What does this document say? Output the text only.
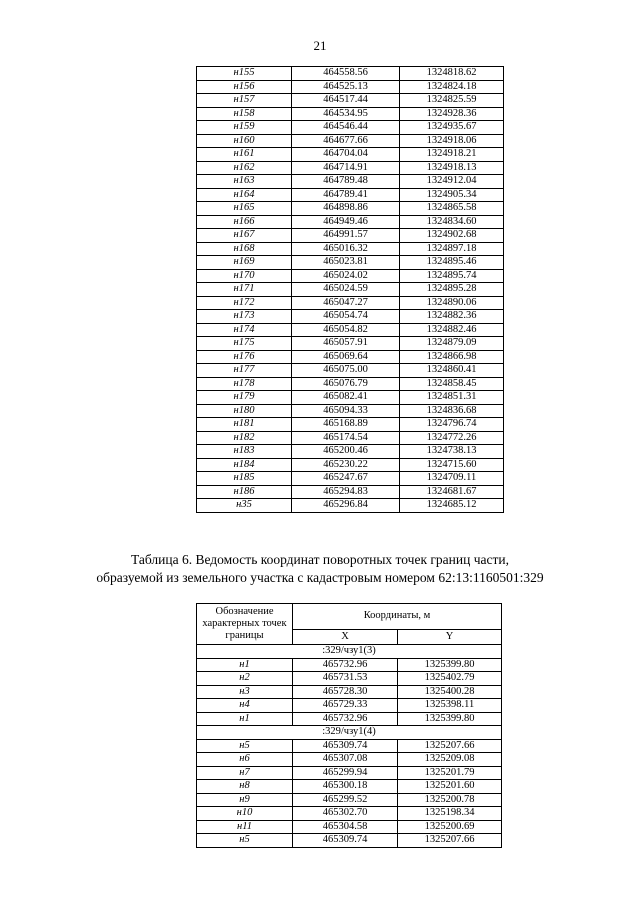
21
н155	464558.56	1324818.62
н156	464525.13	1324824.18
н157	464517.44	1324825.59
н158	464534.95	1324928.36
н159	464546.44	1324935.67
н160	464677.66	1324918.06
н161	464704.04	1324918.21
н162	464714.91	1324918.13
н163	464789.48	1324912.04
н164	464789.41	1324905.34
н165	464898.86	1324865.58
н166	464949.46	1324834.60
н167	464991.57	1324902.68
н168	465016.32	1324897.18
н169	465023.81	1324895.46
н170	465024.02	1324895.74
н171	465024.59	1324895.28
н172	465047.27	1324890.06
н173	465054.74	1324882.36
н174	465054.82	1324882.46
н175	465057.91	1324879.09
н176	465069.64	1324866.98
н177	465075.00	1324860.41
н178	465076.79	1324858.45
н179	465082.41	1324851.31
н180	465094.33	1324836.68
н181	465168.89	1324796.74
н182	465174.54	1324772.26
н183	465200.46	1324738.13
н184	465230.22	1324715.60
н185	465247.67	1324709.11
н186	465294.83	1324681.67
н35	465296.84	1324685.12
Таблица 6. Ведомость координат поворотных точек границ части,
образуемой из земельного участка с кадастровым номером 62:13:1160501:329
Обозначение характерных точек границы	Координаты, м	
	X	Y
:329/чзу1(3)		
н1	465732.96	1325399.80
н2	465731.53	1325402.79
н3	465728.30	1325400.28
н4	465729.33	1325398.11
н1	465732.96	1325399.80
:329/чзу1(4)		
н5	465309.74	1325207.66
н6	465307.08	1325209.08
н7	465299.94	1325201.79
н8	465300.18	1325201.60
н9	465299.52	1325200.78
н10	465302.70	1325198.34
н11	465304.58	1325200.69
н5	465309.74	1325207.66
